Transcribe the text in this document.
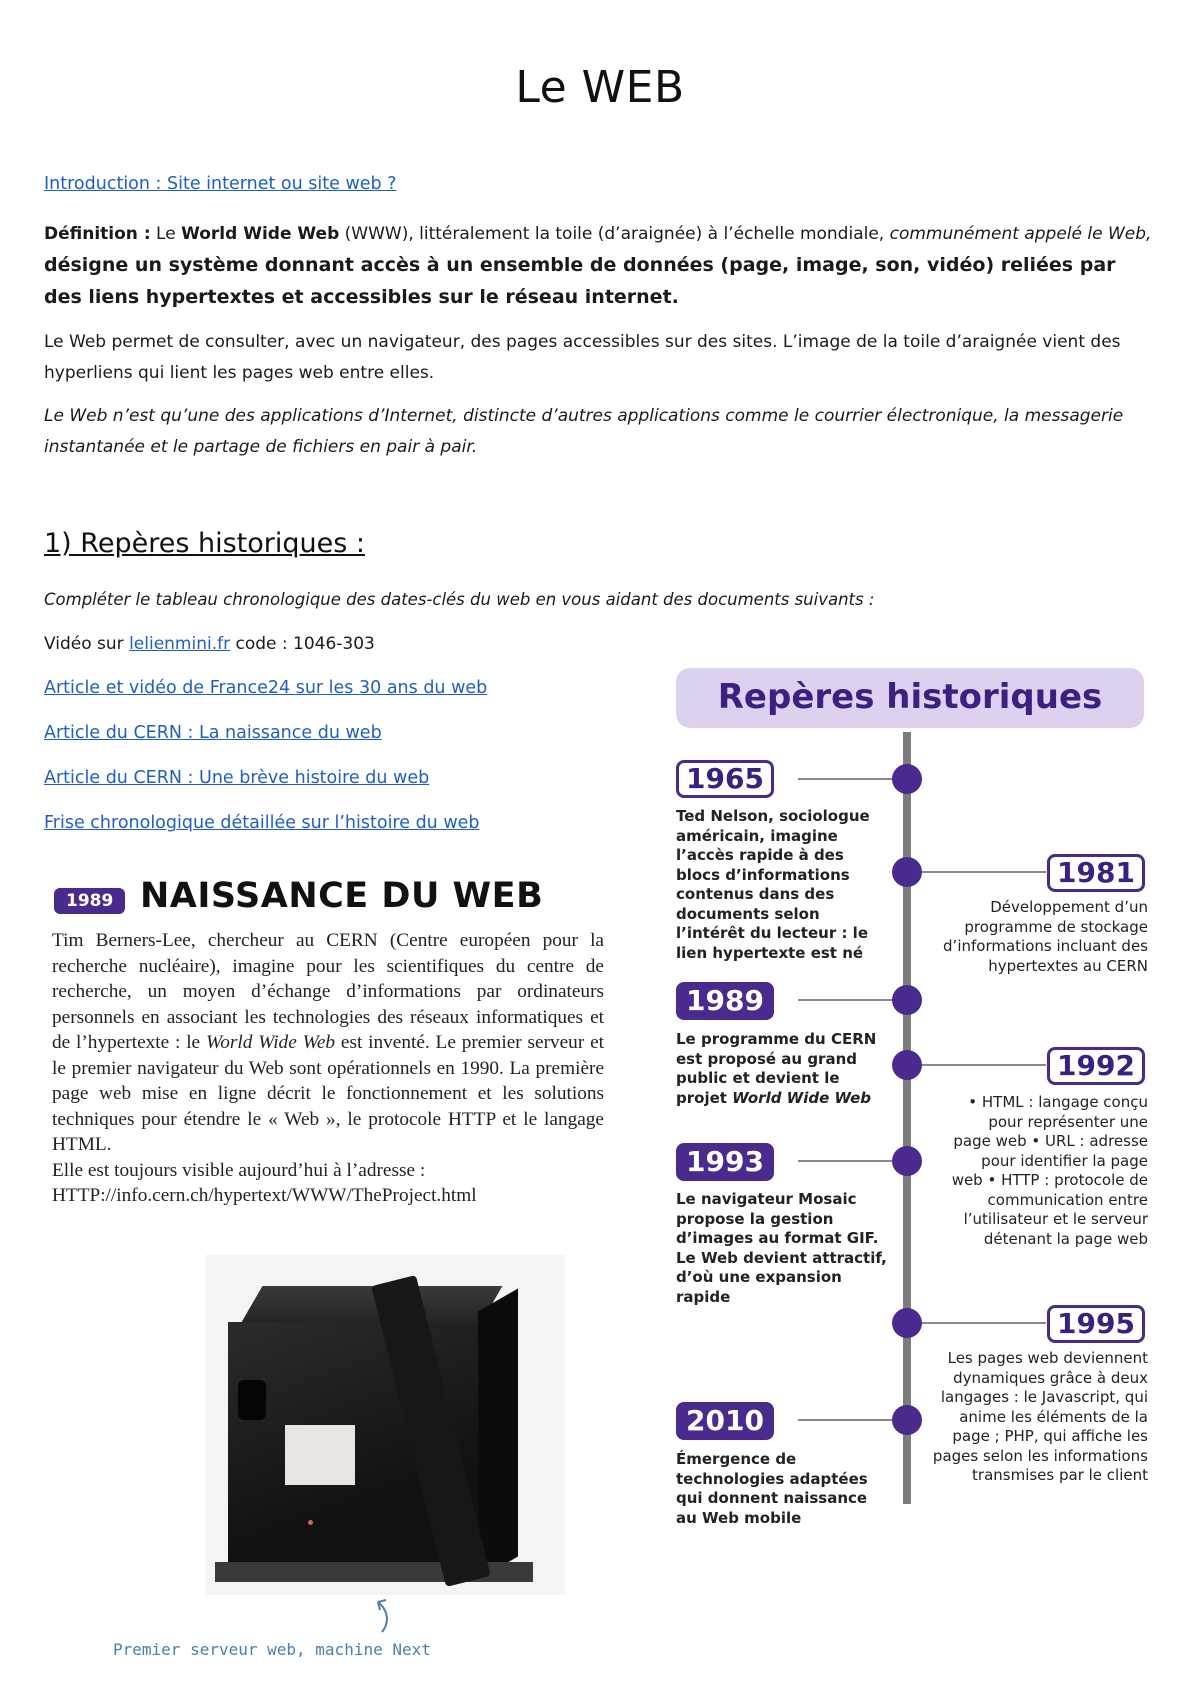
Le WEB
Introduction : Site internet ou site web ?
Définition : Le World Wide Web (WWW), littéralement la toile (d’araignée) à l’échelle mondiale, communément appelé le Web, désigne un système donnant accès à un ensemble de données (page, image, son, vidéo) reliées par des liens hypertextes et accessibles sur le réseau internet.
Le Web permet de consulter, avec un navigateur, des pages accessibles sur des sites. L’image de la toile d’araignée vient des hyperliens qui lient les pages web entre elles.
Le Web n’est qu’une des applications d’Internet, distincte d’autres applications comme le courrier électronique, la messagerie instantanée et le partage de fichiers en pair à pair.
1) Repères historiques :
Compléter le tableau chronologique des dates-clés du web en vous aidant des documents suivants :
Vidéo sur lelienmini.fr code : 1046-303
Article et vidéo de France24 sur les 30 ans du web
Article du CERN : La naissance du web
Article du CERN : Une brève histoire du web
Frise chronologique détaillée sur l’histoire du web
1989 NAISSANCE DU WEB
Tim Berners-Lee, chercheur au CERN (Centre européen pour la recherche nucléaire), imagine pour les scientifiques du centre de recherche, un moyen d’échange d’informations par ordinateurs personnels en associant les technologies des réseaux informatiques et de l’hypertexte : le World Wide Web est inventé. Le premier serveur et le premier navigateur du Web sont opérationnels en 1990. La première page web mise en ligne décrit le fonctionnement et les solutions techniques pour étendre le « Web », le protocole HTTP et le langage HTML.
Elle est toujours visible aujourd’hui à l’adresse :
HTTP://info.cern.ch/hypertext/WWW/TheProject.html
Premier serveur web, machine Next
Repères historiques
1965
Ted Nelson, sociologue américain, imagine l’accès rapide à des blocs d’informations contenus dans des documents selon l’intérêt du lecteur : le lien hypertexte est né
1981
Développement d’un programme de stockage d’informations incluant des hypertextes au CERN
1989
Le programme du CERN est proposé au grand public et devient le projet World Wide Web
1992
• HTML : langage conçu pour représenter une page web • URL : adresse pour identifier la page web • HTTP : protocole de communication entre l’utilisateur et le serveur détenant la page web
1993
Le navigateur Mosaic propose la gestion d’images au format GIF. Le Web devient attractif, d’où une expansion rapide
1995
Les pages web deviennent dynamiques grâce à deux langages : le Javascript, qui anime les éléments de la page ; PHP, qui affiche les pages selon les informations transmises par le client
2010
Émergence de technologies adaptées qui donnent naissance au Web mobile
